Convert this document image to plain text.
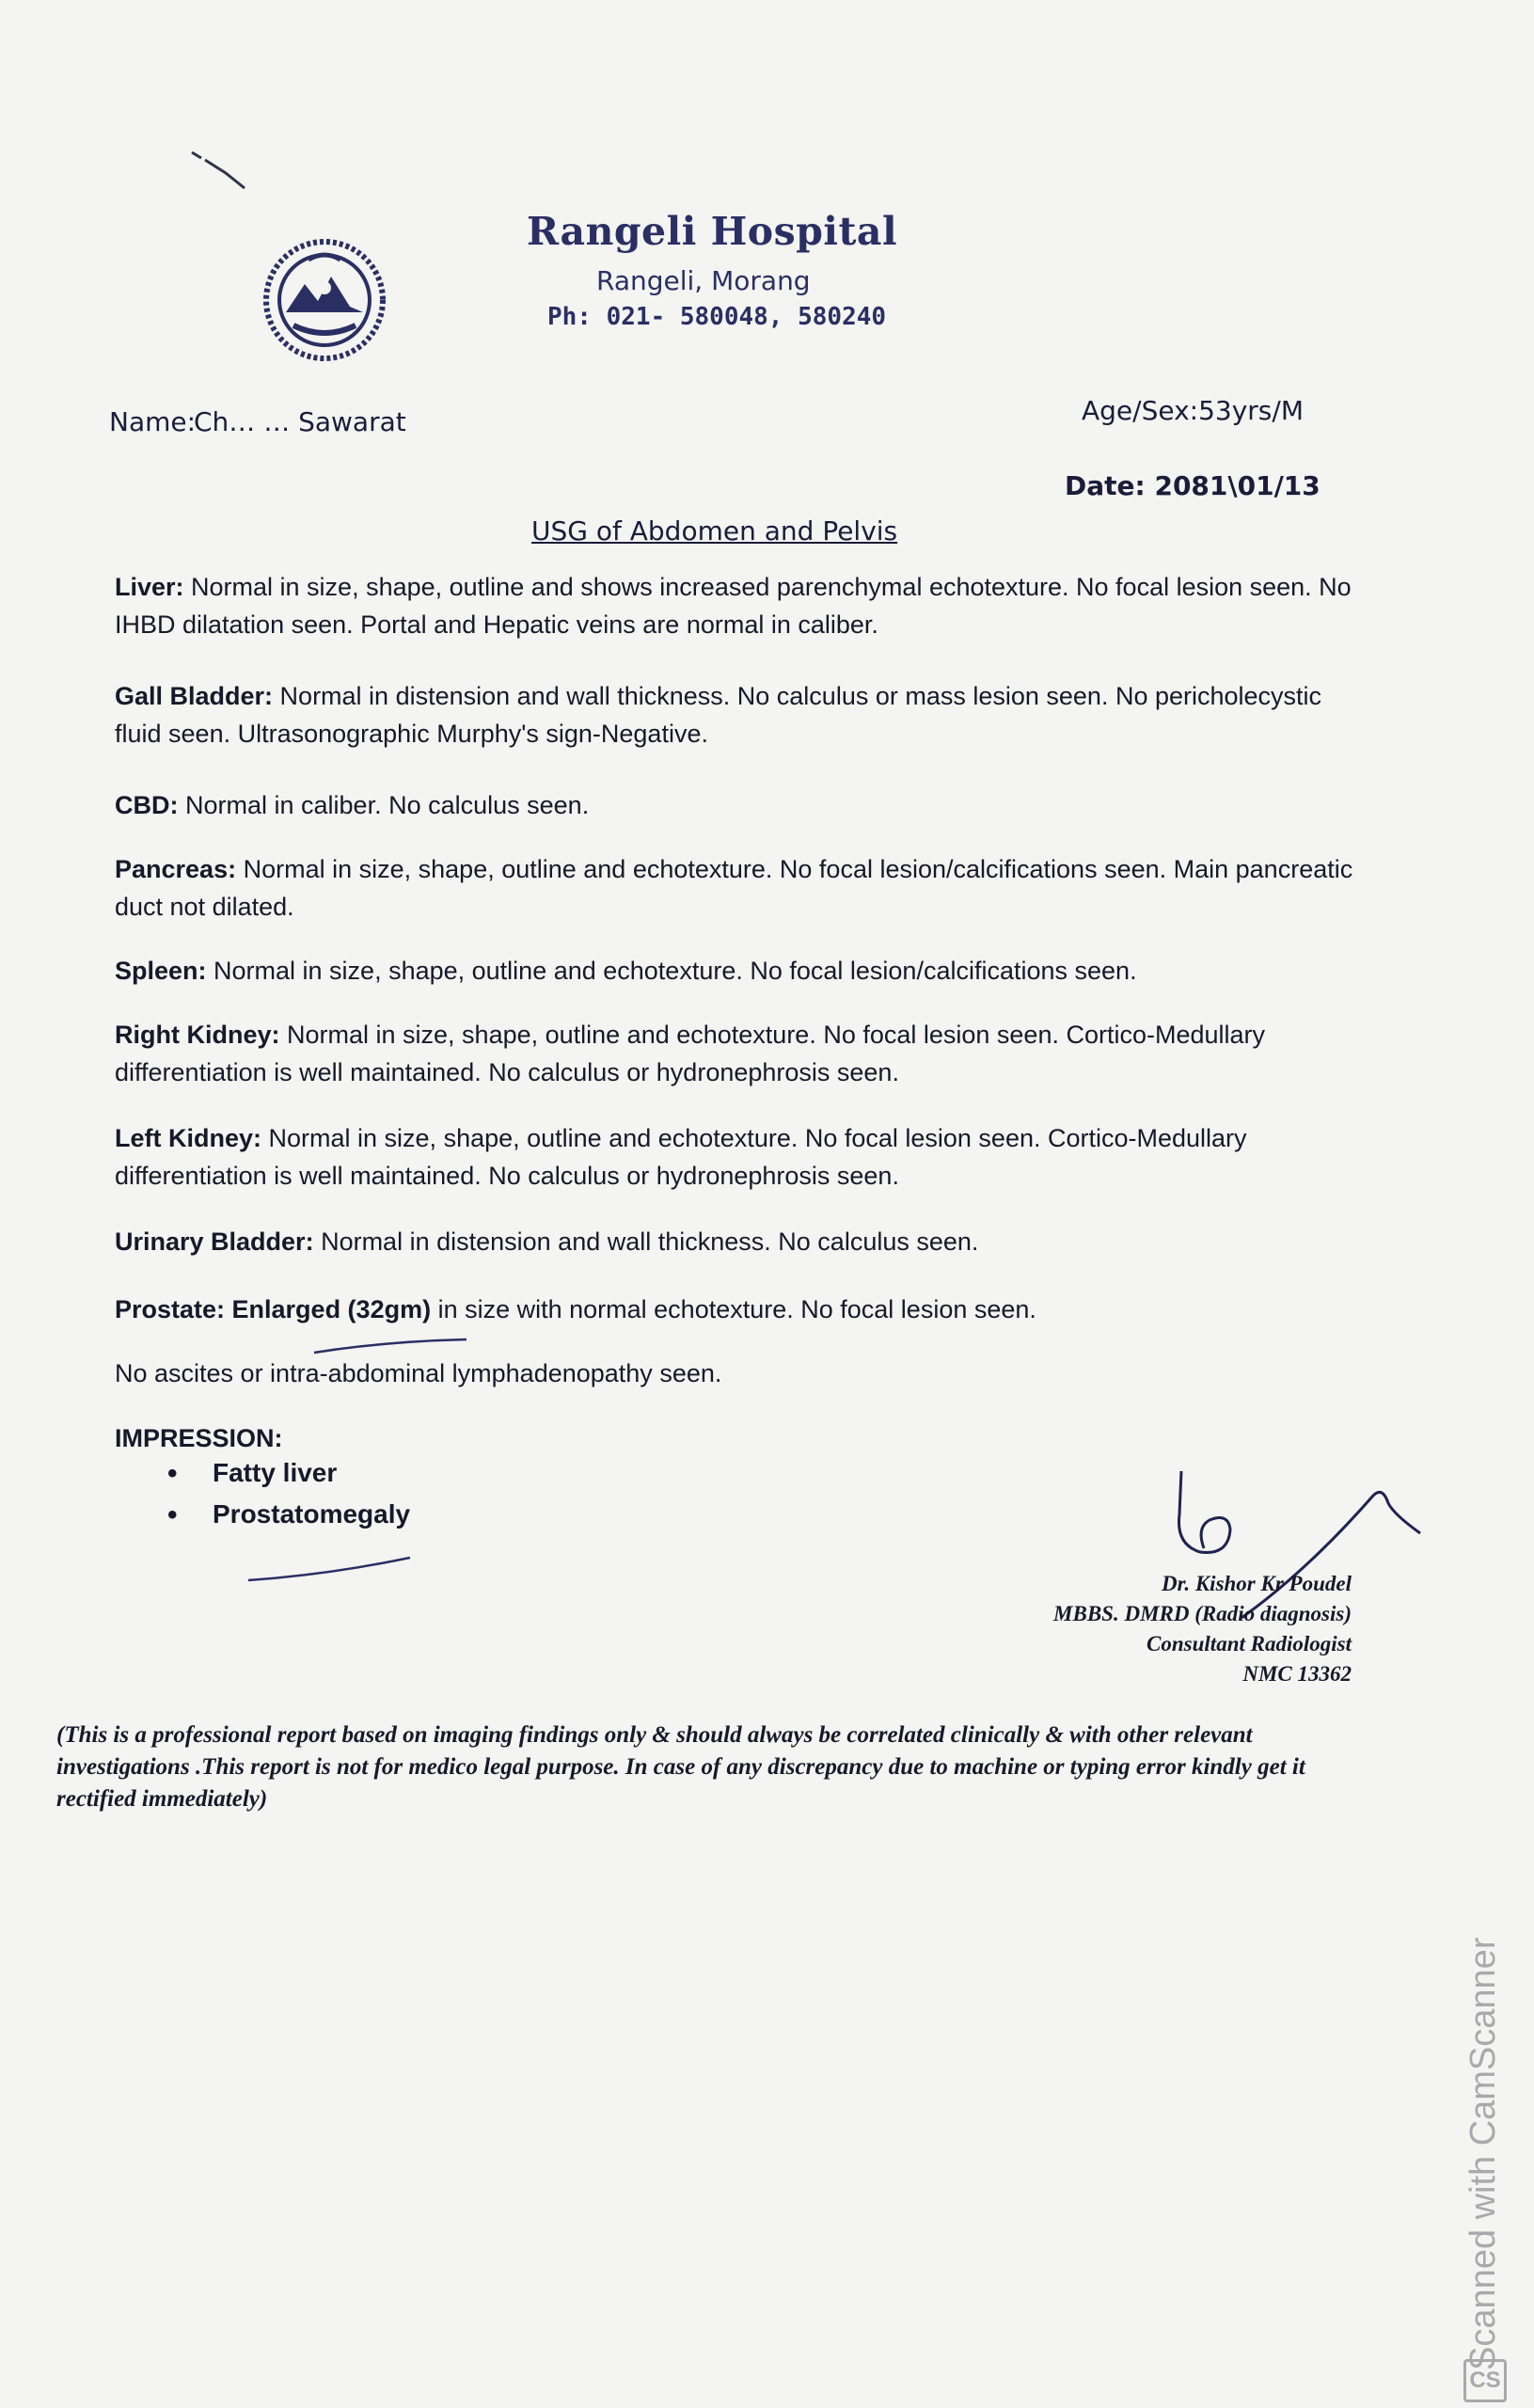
Rangeli Hospital
Rangeli, Morang
Ph: 021- 580048, 580240
Name:
Ch… … Sawarat	Age/Sex:53yrs/M
Date: 2081\01/13
USG of Abdomen and Pelvis
Liver: Normal in size, shape, outline and shows increased parenchymal echotexture. No focal lesion seen. No IHBD dilatation seen. Portal and Hepatic veins are normal in caliber.
Gall Bladder: Normal in distension and wall thickness. No calculus or mass lesion seen. No pericholecystic fluid seen. Ultrasonographic Murphy's sign-Negative.
CBD: Normal in caliber. No calculus seen.
Pancreas: Normal in size, shape, outline and echotexture. No focal lesion/calcifications seen. Main pancreatic duct not dilated.
Spleen: Normal in size, shape, outline and echotexture. No focal lesion/calcifications seen.
Right Kidney: Normal in size, shape, outline and echotexture. No focal lesion seen. Cortico-Medullary differentiation is well maintained. No calculus or hydronephrosis seen.
Left Kidney: Normal in size, shape, outline and echotexture. No focal lesion seen. Cortico-Medullary differentiation is well maintained. No calculus or hydronephrosis seen.
Urinary Bladder: Normal in distension and wall thickness. No calculus seen.
Prostate: Enlarged (32gm) in size with normal echotexture. No focal lesion seen.
No ascites or intra-abdominal lymphadenopathy seen.
IMPRESSION:
• Fatty liver
• Prostatomegaly
Dr. Kishor Kr Poudel
MBBS. DMRD (Radio diagnosis)
Consultant Radiologist
NMC 13362
(This is a professional report based on imaging findings only & should always be correlated clinically & with other relevant investigations .This report is not for medico legal purpose. In case of any discrepancy due to machine or typing error kindly get it rectified immediately)
Scanned with CamScanner
CS
